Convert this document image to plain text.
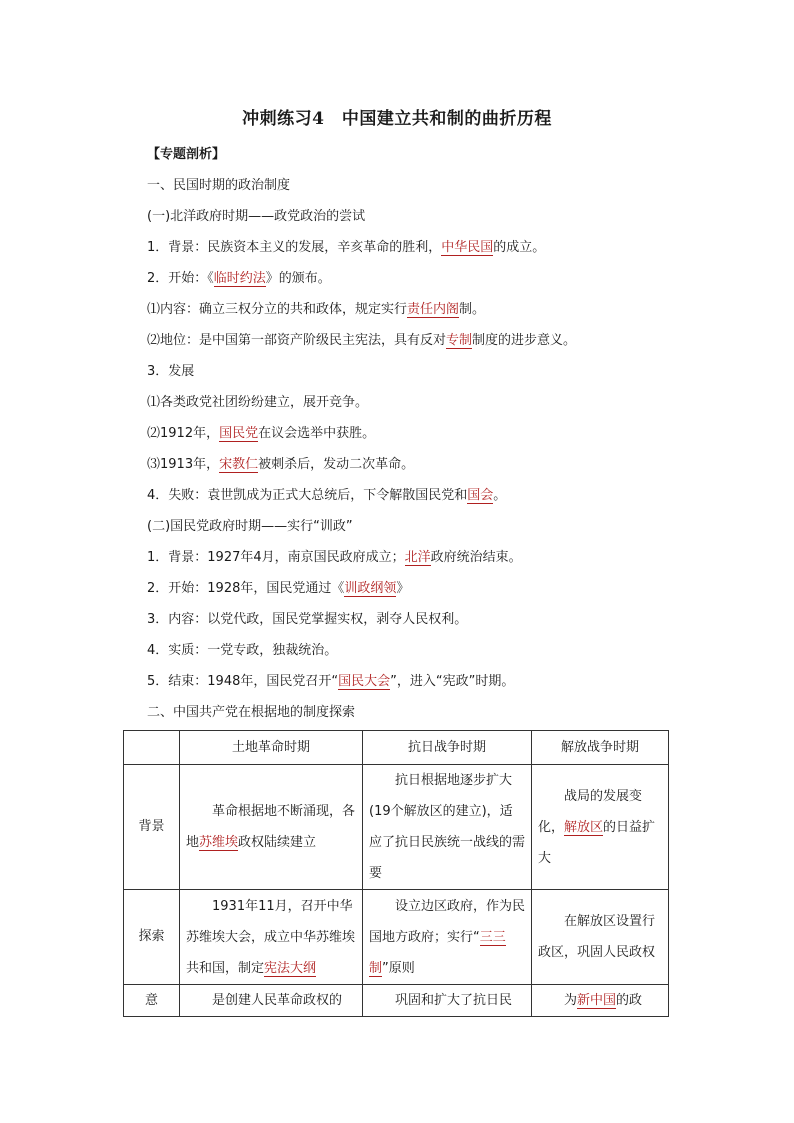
冲刺练习4　中国建立共和制的曲折历程
【专题剖析】
一、民国时期的政治制度
(一)北洋政府时期——政党政治的尝试
1．背景：民族资本主义的发展，辛亥革命的胜利，中华民国的成立。
2．开始：《临时约法》的颁布。
⑴内容：确立三权分立的共和政体，规定实行责任内阁制。
⑵地位：是中国第一部资产阶级民主宪法，具有反对专制制度的进步意义。
3．发展
⑴各类政党社团纷纷建立，展开竞争。
⑵1912年，国民党在议会选举中获胜。
⑶1913年，宋教仁被刺杀后，发动二次革命。
4．失败：袁世凯成为正式大总统后，下令解散国民党和国会。
(二)国民党政府时期——实行“训政”
1．背景：1927年4月，南京国民政府成立；北洋政府统治结束。
2．开始：1928年，国民党通过《训政纲领》
3．内容：以党代政，国民党掌握实权，剥夺人民权利。
4．实质：一党专政，独裁统治。
5．结束：1948年，国民党召开“国民大会”，进入“宪政”时期。
二、中国共产党在根据地的制度探索
	土地革命时期	抗日战争时期	解放战争时期
背景	革命根据地不断涌现，各地苏维埃政权陆续建立	抗日根据地逐步扩大(19个解放区的建立)，适应了抗日民族统一战线的需要	战局的发展变化，解放区的日益扩大
探索	1931年11月，召开中华苏维埃大会，成立中华苏维埃共和国，制定宪法大纲	设立边区政府，作为民国地方政府；实行“三三制”原则	在解放区设置行政区，巩固人民政权
意	是创建人民革命政权的	巩固和扩大了抗日民	为新中国的政
